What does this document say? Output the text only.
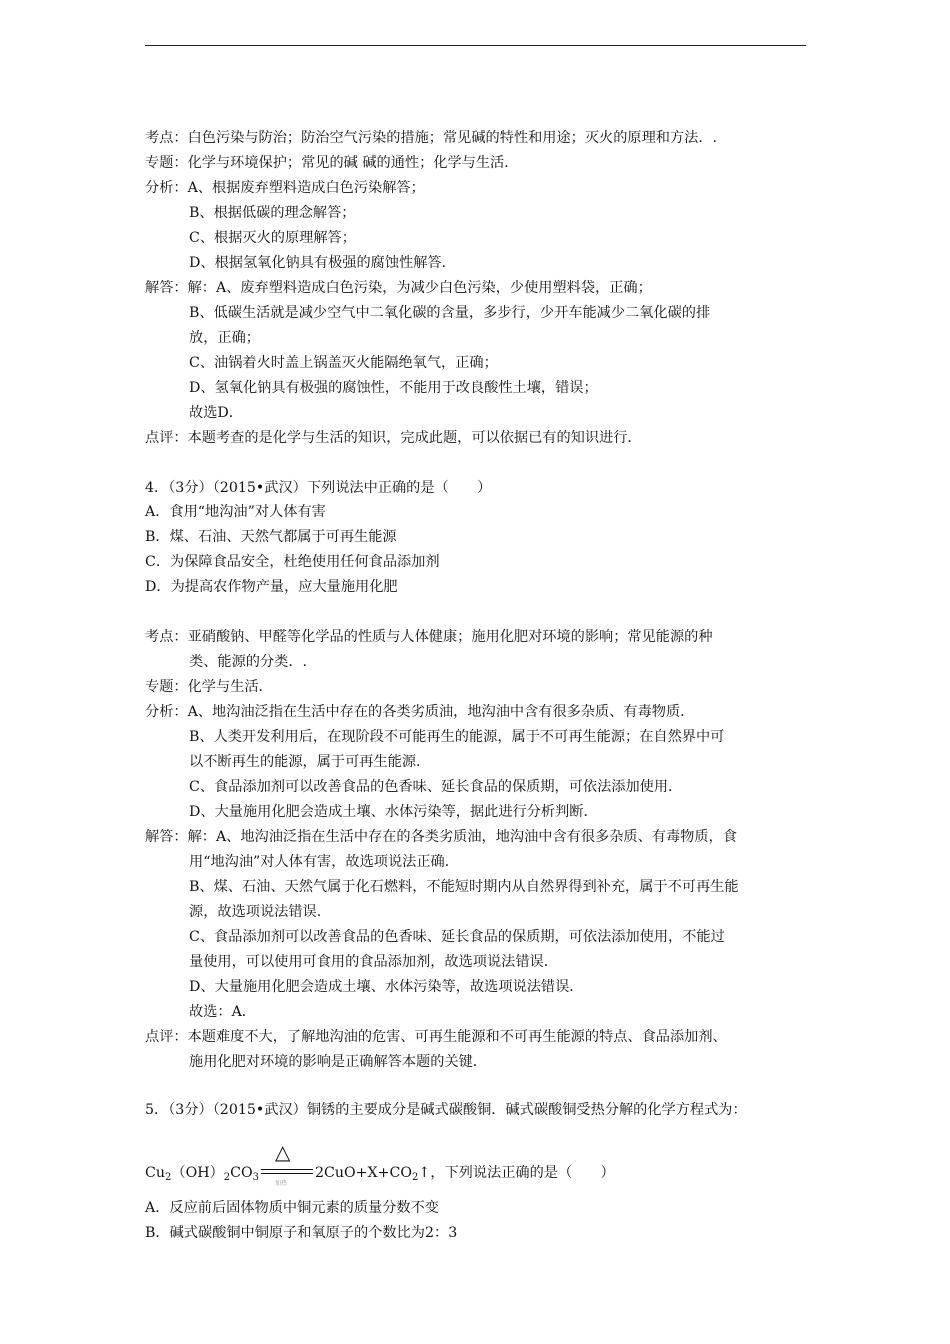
考点：白色污染与防治；防治空气污染的措施；常见碱的特性和用途；灭火的原理和方法．.
专题：化学与环境保护；常见的碱 碱的通性；化学与生活．
分析：A、根据废弃塑料造成白色污染解答；
B、根据低碳的理念解答；
C、根据灭火的原理解答；
D、根据氢氧化钠具有极强的腐蚀性解答．
解答：解：A、废弃塑料造成白色污染，为减少白色污染，少使用塑料袋，正确；
B、低碳生活就是减少空气中二氧化碳的含量，多步行，少开车能减少二氧化碳的排
放，正确；
C、油锅着火时盖上锅盖灭火能隔绝氧气，正确；
D、氢氧化钠具有极强的腐蚀性，不能用于改良酸性土壤，错误；
故选D．
点评：本题考查的是化学与生活的知识，完成此题，可以依据已有的知识进行．
4．（3分）（2015•武汉）下列说法中正确的是（　　）
A．食用“地沟油”对人体有害
B．煤、石油、天然气都属于可再生能源
C．为保障食品安全，杜绝使用任何食品添加剂
D．为提高农作物产量，应大量施用化肥
考点：亚硝酸钠、甲醛等化学品的性质与人体健康；施用化肥对环境的影响；常见能源的种
类、能源的分类．.
专题：化学与生活．
分析：A、地沟油泛指在生活中存在的各类劣质油，地沟油中含有很多杂质、有毒物质．
B、人类开发利用后，在现阶段不可能再生的能源，属于不可再生能源；在自然界中可
以不断再生的能源，属于可再生能源．
C、食品添加剂可以改善食品的色香味、延长食品的保质期，可依法添加使用．
D、大量施用化肥会造成土壤、水体污染等，据此进行分析判断．
解答：解：A、地沟油泛指在生活中存在的各类劣质油，地沟油中含有很多杂质、有毒物质，食
用“地沟油”对人体有害，故选项说法正确．
B、煤、石油、天然气属于化石燃料，不能短时期内从自然界得到补充，属于不可再生能
源，故选项说法错误．
C、食品添加剂可以改善食品的色香味、延长食品的保质期，可依法添加使用，不能过
量使用，可以使用可食用的食品添加剂，故选项说法错误．
D、大量施用化肥会造成土壤、水体污染等，故选项说法错误．
故选：A．
点评：本题难度不大，了解地沟油的危害、可再生能源和不可再生能源的特点、食品添加剂、
施用化肥对环境的影响是正确解答本题的关键．
5．（3分）（2015•武汉）铜锈的主要成分是碱式碳酸铜．碱式碳酸铜受热分解的化学方程式为：
$Cu_2(OH)_2CO_3$
△
加热
$2CuO+X+CO_2↑$，下列说法正确的是（　　）
A．反应前后固体物质中铜元素的质量分数不变
B．碱式碳酸铜中铜原子和氧原子的个数比为2：3
